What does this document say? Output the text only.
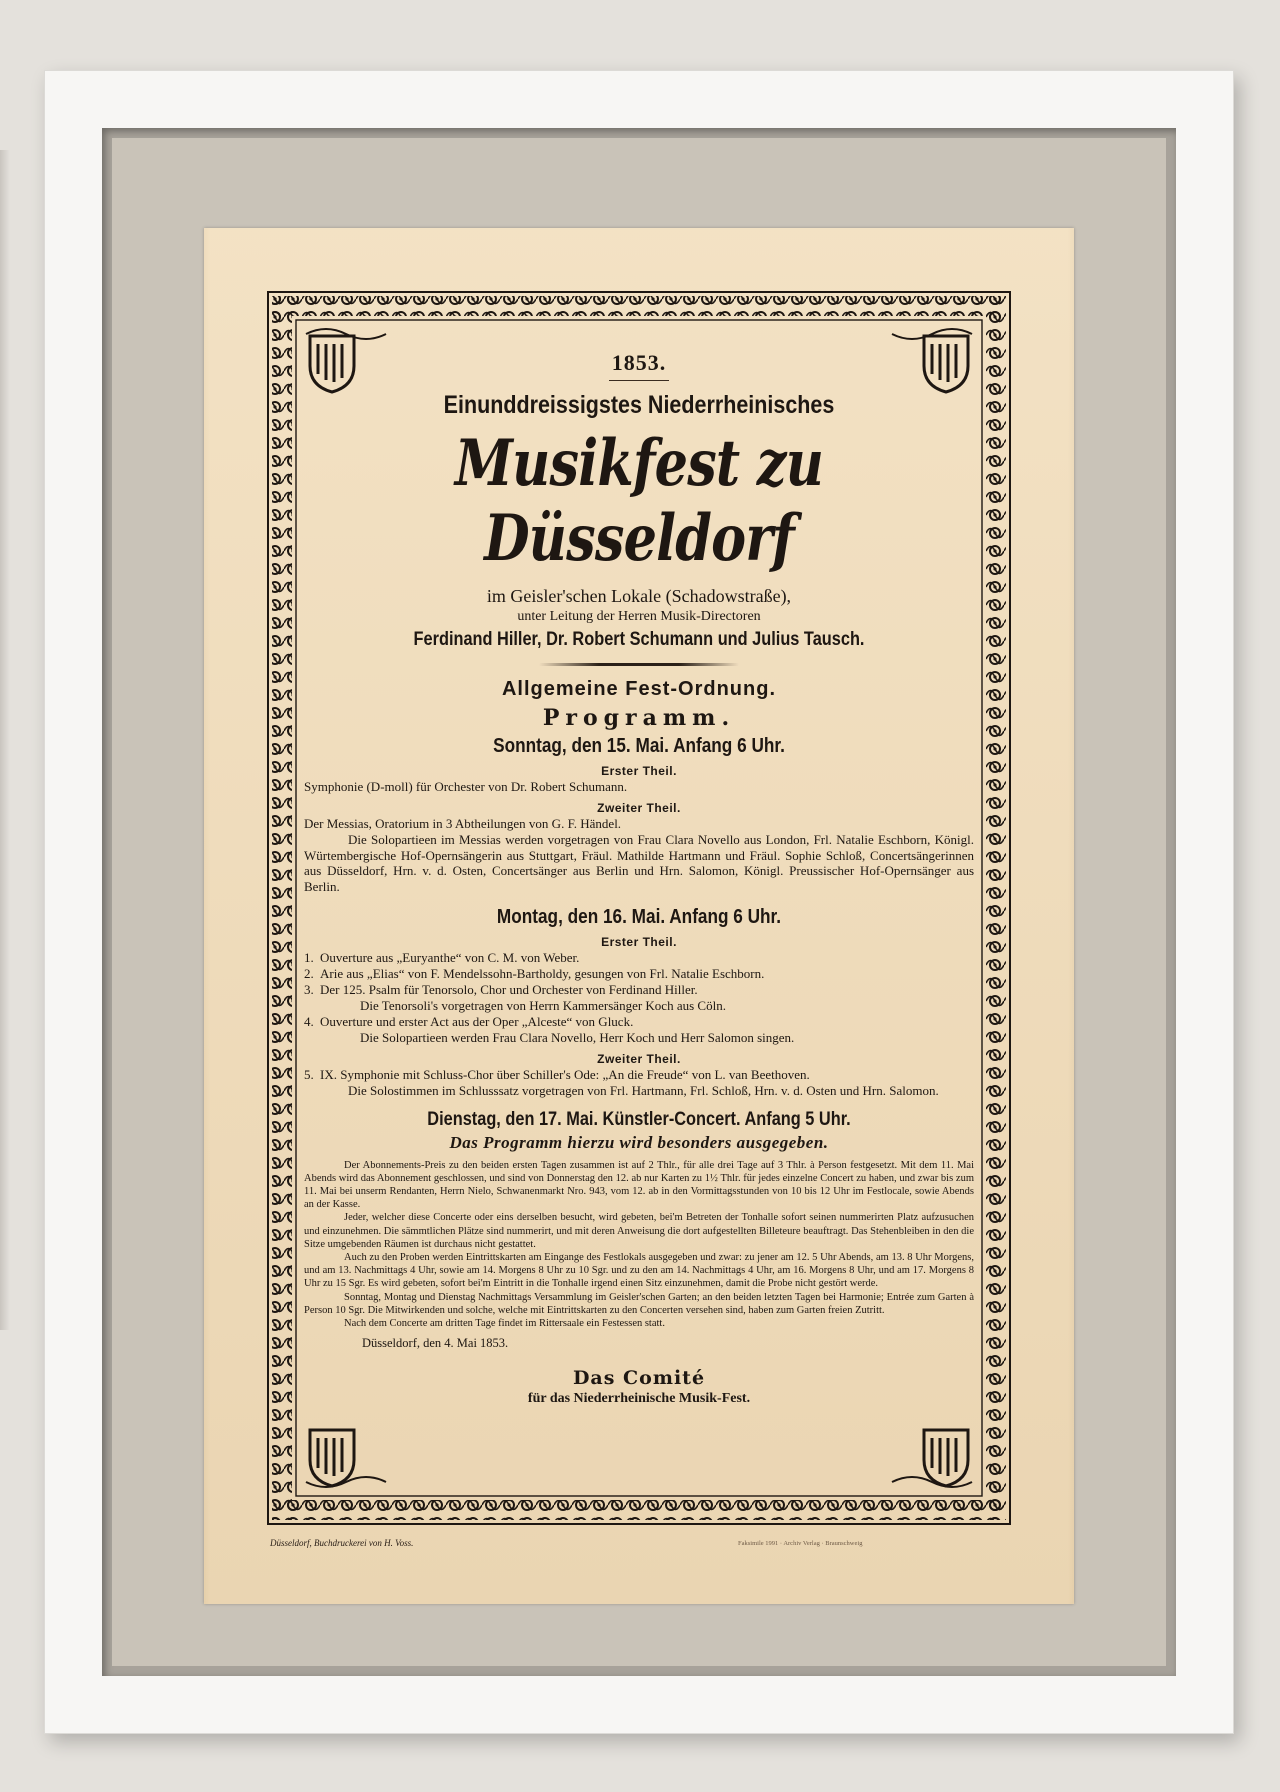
1853.

Einunddreissigstes Niederrheinisches

Musikfest zu Düsseldorf

im Geisler'schen Lokale (Schadowstraße),

unter Leitung der Herren Musik-Directoren

Ferdinand Hiller, Dr. Robert Schumann und Julius Tausch.

Allgemeine Fest-Ordnung.

Programm.

Sonntag, den 15. Mai. Anfang 6 Uhr.

Erster Theil.

Symphonie (D-moll) für Orchester von Dr. Robert Schumann.

Zweiter Theil.

Der Messias, Oratorium in 3 Abtheilungen von G. F. Händel.

Die Solopartieen im Messias werden vorgetragen von Frau Clara Novello aus London, Frl. Natalie Eschborn, Königl. Würtembergische Hof-Opernsängerin aus Stuttgart, Fräul. Mathilde Hartmann und Fräul. Sophie Schloß, Concertsängerinnen aus Düsseldorf, Hrn. v. d. Osten, Concertsänger aus Berlin und Hrn. Salomon, Königl. Preussischer Hof-Opernsänger aus Berlin.

Montag, den 16. Mai. Anfang 6 Uhr.

Erster Theil.

1. Ouverture aus „Euryanthe“ von C. M. von Weber.
2. Arie aus „Elias“ von F. Mendelssohn-Bartholdy, gesungen von Frl. Natalie Eschborn.
3. Der 125. Psalm für Tenorsolo, Chor und Orchester von Ferdinand Hiller.
Die Tenorsoli's vorgetragen von Herrn Kammersänger Koch aus Cöln.
4. Ouverture und erster Act aus der Oper „Alceste“ von Gluck.
Die Solopartieen werden Frau Clara Novello, Herr Koch und Herr Salomon singen.

Zweiter Theil.

5. IX. Symphonie mit Schluss-Chor über Schiller's Ode: „An die Freude“ von L. van Beethoven.

Die Solostimmen im Schlusssatz vorgetragen von Frl. Hartmann, Frl. Schloß, Hrn. v. d. Osten und Hrn. Salomon.

Dienstag, den 17. Mai. Künstler-Concert. Anfang 5 Uhr.

Das Programm hierzu wird besonders ausgegeben.

Der Abonnements-Preis zu den beiden ersten Tagen zusammen ist auf 2 Thlr., für alle drei Tage auf 3 Thlr. à Person festgesetzt. Mit dem 11. Mai Abends wird das Abonnement geschlossen, und sind von Donnerstag den 12. ab nur Karten zu 1½ Thlr. für jedes einzelne Concert zu haben, und zwar bis zum 11. Mai bei unserm Rendanten, Herrn Nielo, Schwanenmarkt Nro. 943, vom 12. ab in den Vormittagsstunden von 10 bis 12 Uhr im Festlocale, sowie Abends an der Kasse.

Jeder, welcher diese Concerte oder eins derselben besucht, wird gebeten, bei'm Betreten der Tonhalle sofort seinen nummerirten Platz aufzusuchen und einzunehmen. Die sämmtlichen Plätze sind nummerirt, und mit deren Anweisung die dort aufgestellten Billeteure beauftragt. Das Stehenbleiben in den die Sitze umgebenden Räumen ist durchaus nicht gestattet.

Auch zu den Proben werden Eintrittskarten am Eingange des Festlokals ausgegeben und zwar: zu jener am 12. 5 Uhr Abends, am 13. 8 Uhr Morgens, und am 13. Nachmittags 4 Uhr, sowie am 14. Morgens 8 Uhr zu 10 Sgr. und zu den am 14. Nachmittags 4 Uhr, am 16. Morgens 8 Uhr, und am 17. Morgens 8 Uhr zu 15 Sgr. Es wird gebeten, sofort bei'm Eintritt in die Tonhalle irgend einen Sitz einzunehmen, damit die Probe nicht gestört werde.

Sonntag, Montag und Dienstag Nachmittags Versammlung im Geisler'schen Garten; an den beiden letzten Tagen bei Harmonie; Entrée zum Garten à Person 10 Sgr. Die Mitwirkenden und solche, welche mit Eintrittskarten zu den Concerten versehen sind, haben zum Garten freien Zutritt.

Nach dem Concerte am dritten Tage findet im Rittersaale ein Festessen statt.

Düsseldorf, den 4. Mai 1853.

Das Comité

für das Niederrheinische Musik-Fest.

Düsseldorf, Buchdruckerei von H. Voss.	Faksimile 1991 · Archiv Verlag · Braunschweig
